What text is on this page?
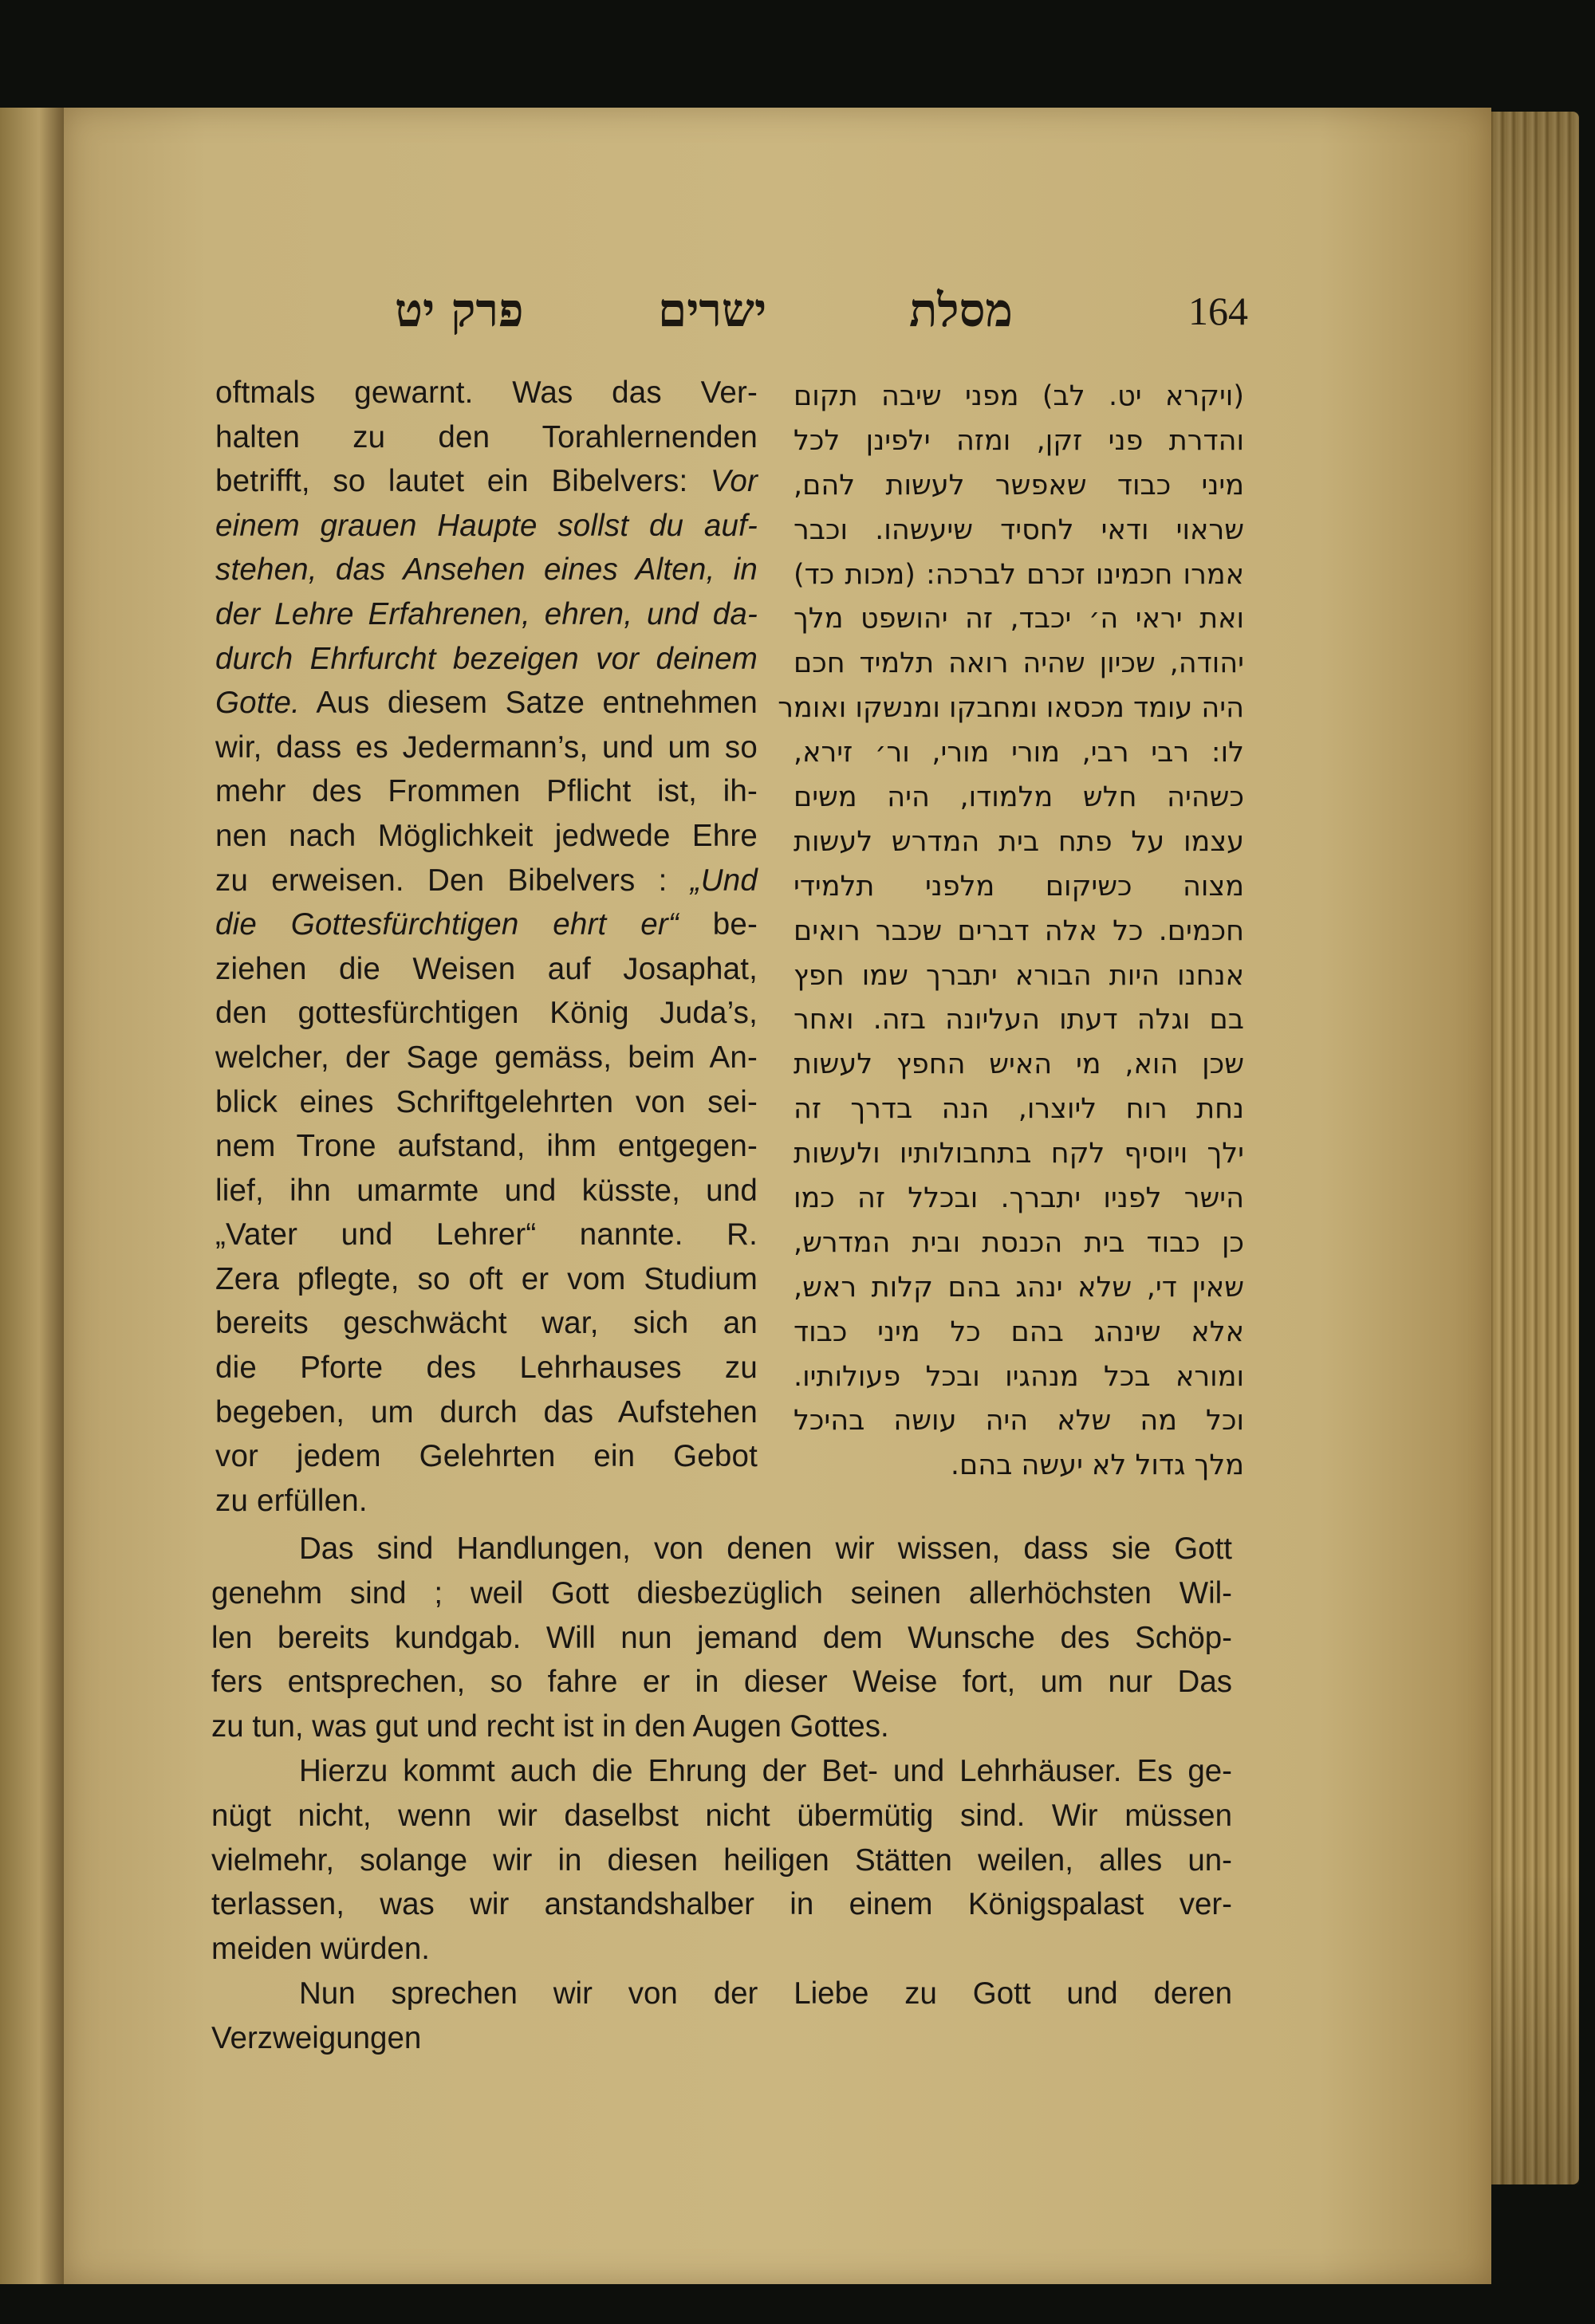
פרק יט	ישרים	מסלת	164
oftmals gewarnt. Was das Ver-
halten zu den Torahlernenden
betrifft, so lautet ein Bibelvers: Vor
einem grauen Haupte sollst du auf-
stehen, das Ansehen eines Alten, in
der Lehre Erfahrenen, ehren, und da-
durch Ehrfurcht bezeigen vor deinem
Gotte. Aus diesem Satze entnehmen
wir, dass es Jedermann’s, und um so
mehr des Frommen Pflicht ist, ih-
nen nach Möglichkeit jedwede Ehre
zu erweisen. Den Bibelvers : „Und
die Gottesfürchtigen ehrt er“ be-
ziehen die Weisen auf Josaphat,
den gottesfürchtigen König Juda’s,
welcher, der Sage gemäss, beim An-
blick eines Schriftgelehrten von sei-
nem Trone aufstand, ihm entgegen-
lief, ihn umarmte und küsste, und
„Vater und Lehrer“ nannte. R.
Zera pflegte, so oft er vom Studium
bereits geschwächt war, sich an
die Pforte des Lehrhauses zu
begeben, um durch das Aufstehen
vor jedem Gelehrten ein Gebot
zu erfüllen.
(ויקרא יט. לב) מפני שיבה תקום
והדרת פני זקן, ומזה ילפינן לכל
מיני כבוד שאפשר לעשות להם,
שראוי ודאי לחסיד שיעשהו. וכבר
אמרו חכמינו זכרם לברכה: (מכות כד)
ואת יראי ה׳ יכבד, זה יהושפט מלך
יהודה, שכיון שהיה רואה תלמיד חכם
היה עומד מכסאו ומחבקו ומנשקו ואומר
לו: רבי רבי, מורי מורי, ור׳ זירא,
כשהיה חלש מלמודו, היה משים
עצמו על פתח בית המדרש לעשות
מצוה כשיקום מלפני תלמידי
חכמים. כל אלה דברים שכבר רואים
אנחנו היות הבורא יתברך שמו חפץ
בם וגלה דעתו העליונה בזה. ואחר
שכן הוא, מי האיש החפץ לעשות
נחת רוח ליוצרו, הנה בדרך זה
ילך ויוסיף לקח בתחבולותיו ולעשות
הישר לפניו יתברך. ובכלל זה כמו
כן כבוד בית הכנסת ובית המדרש,
שאין די, שלא ינהג בהם קלות ראש,
אלא שינהג בהם כל מיני כבוד
ומורא בכל מנהגיו ובכל פעולותיו.
וכל מה שלא היה עושה בהיכל
מלך גדול לא יעשה בהם.
Das sind Handlungen, von denen wir wissen, dass sie Gott
genehm sind ; weil Gott diesbezüglich seinen allerhöchsten Wil-
len bereits kundgab. Will nun jemand dem Wunsche des Schöp-
fers entsprechen, so fahre er in dieser Weise fort, um nur Das
zu tun, was gut und recht ist in den Augen Gottes.
Hierzu kommt auch die Ehrung der Bet- und Lehrhäuser. Es ge-
nügt nicht, wenn wir daselbst nicht übermütig sind. Wir müssen
vielmehr, solange wir in diesen heiligen Stätten weilen, alles un-
terlassen, was wir anstandshalber in einem Königspalast ver-
meiden würden.
Nun sprechen wir von der Liebe zu Gott und deren
Verzweigungen
